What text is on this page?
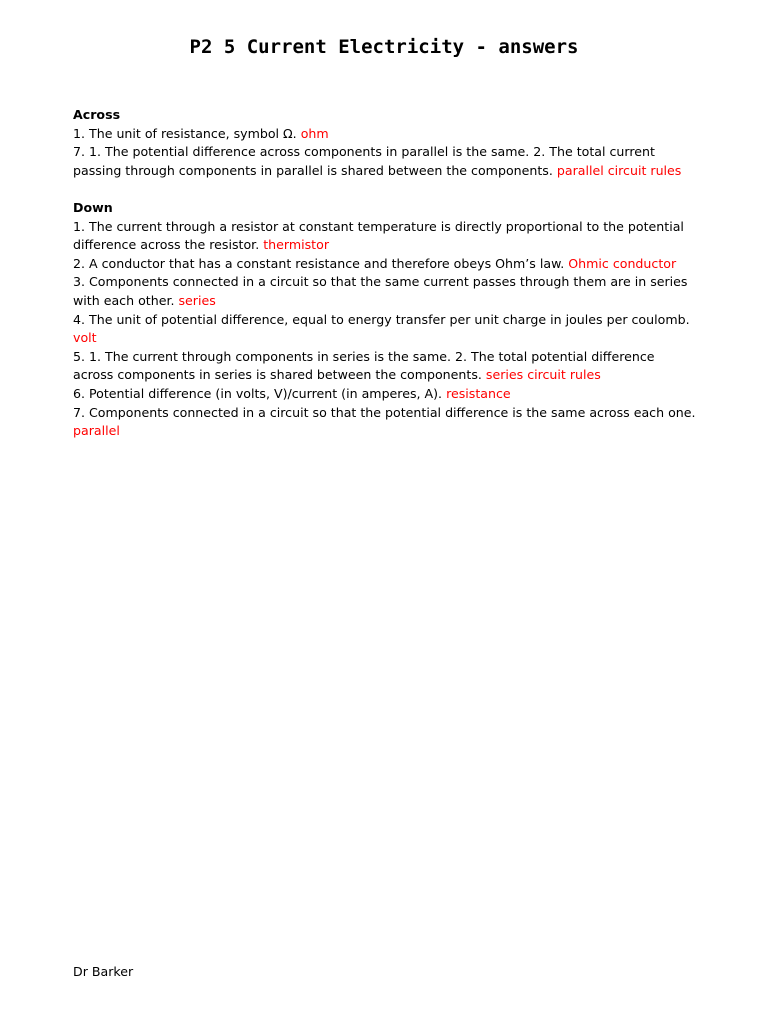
P2 5 Current Electricity - answers

Across

1. The unit of resistance, symbol Ω. ohm

7. 1. The potential difference across components in parallel is the same. 2. The total current passing through components in parallel is shared between the components. parallel circuit rules

Down

1. The current through a resistor at constant temperature is directly proportional to the potential difference across the resistor. thermistor

2. A conductor that has a constant resistance and therefore obeys Ohm’s law. Ohmic conductor

3. Components connected in a circuit so that the same current passes through them are in series with each other. series

4. The unit of potential difference, equal to energy transfer per unit charge in joules per coulomb. volt

5. 1. The current through components in series is the same. 2. The total potential difference across components in series is shared between the components. series circuit rules

6. Potential difference (in volts, V)/current (in amperes, A). resistance

7. Components connected in a circuit so that the potential difference is the same across each one. parallel

Dr Barker
